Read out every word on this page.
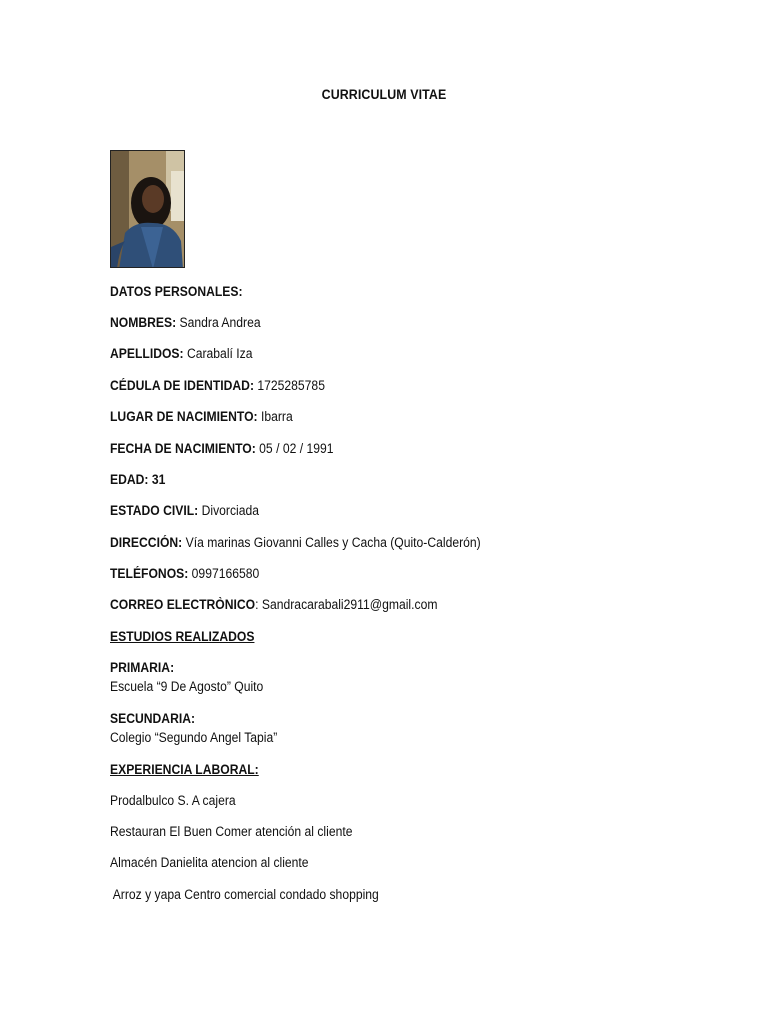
CURRICULUM VITAE
DATOS PERSONALES:
NOMBRES: Sandra Andrea
APELLIDOS: Carabalí Iza
CÉDULA DE IDENTIDAD: 1725285785
LUGAR DE NACIMIENTO: Ibarra
FECHA DE NACIMIENTO: 05 / 02 / 1991
EDAD: 31
ESTADO CIVIL: Divorciada
DIRECCIÓN: Vía marinas Giovanni Calles y Cacha (Quito-Calderón)
TELÉFONOS: 0997166580
CORREO ELECTRÒNICO: Sandracarabali2911@gmail.com
ESTUDIOS REALIZADOS
PRIMARIA:
Escuela “9 De Agosto” Quito
SECUNDARIA:
Colegio “Segundo Angel Tapia”
EXPERIENCIA LABORAL:
Prodalbulco S. A cajera
Restauran El Buen Comer atención al cliente
Almacén Danielita atencion al cliente
Arroz y yapa Centro comercial condado shopping
